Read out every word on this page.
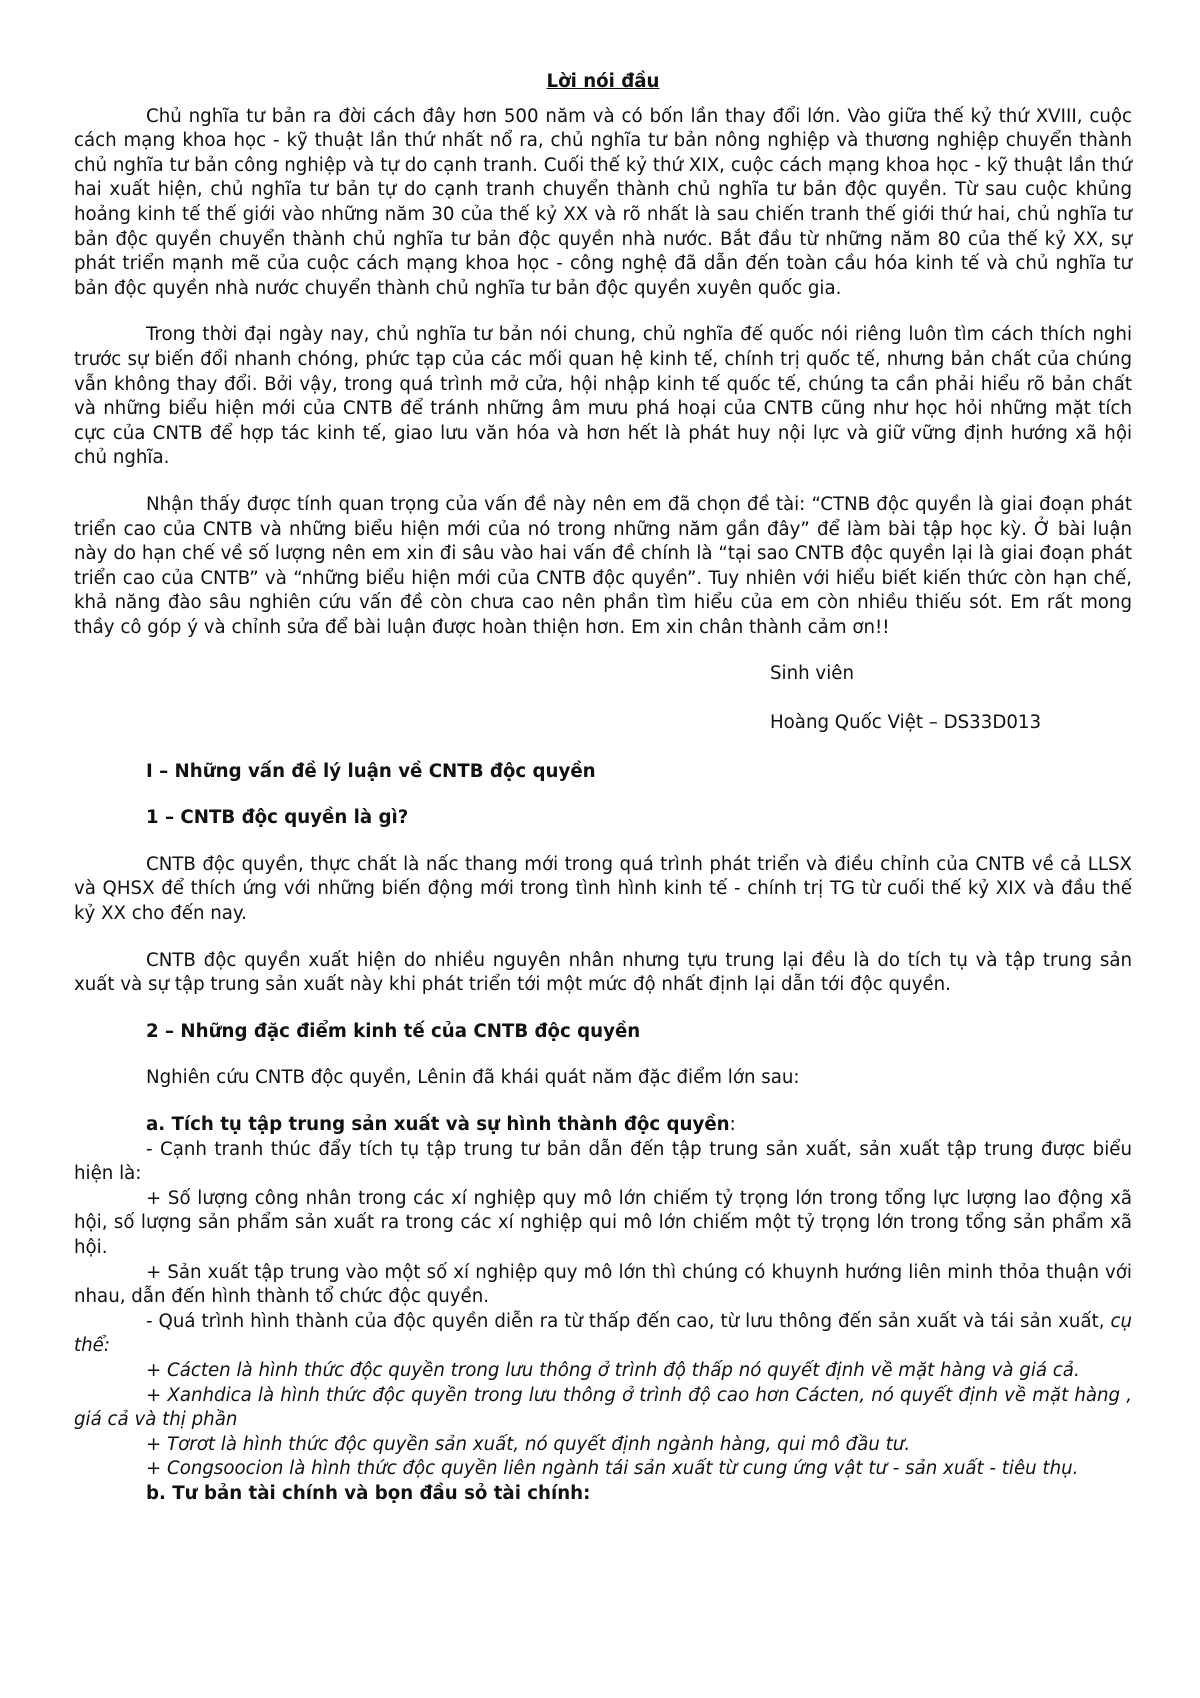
Lời nói đầu

Chủ nghĩa tư bản ra đời cách đây hơn 500 năm và có bốn lần thay đổi lớn. Vào giữa thế kỷ thứ XVIII, cuộc cách mạng khoa học - kỹ thuật lần thứ nhất nổ ra, chủ nghĩa tư bản nông nghiệp và thương nghiệp chuyển thành chủ nghĩa tư bản công nghiệp và tự do cạnh tranh. Cuối thế kỷ thứ XIX, cuộc cách mạng khoa học - kỹ thuật lần thứ hai xuất hiện, chủ nghĩa tư bản tự do cạnh tranh chuyển thành chủ nghĩa tư bản độc quyền. Từ sau cuộc khủng hoảng kinh tế thế giới vào những năm 30 của thế kỷ XX và rõ nhất là sau chiến tranh thế giới thứ hai, chủ nghĩa tư bản độc quyền chuyển thành chủ nghĩa tư bản độc quyền nhà nước. Bắt đầu từ những năm 80 của thế kỷ XX, sự phát triển mạnh mẽ của cuộc cách mạng khoa học - công nghệ đã dẫn đến toàn cầu hóa kinh tế và chủ nghĩa tư bản độc quyền nhà nước chuyển thành chủ nghĩa tư bản độc quyền xuyên quốc gia.

Trong thời đại ngày nay, chủ nghĩa tư bản nói chung, chủ nghĩa đế quốc nói riêng luôn tìm cách thích nghi trước sự biến đổi nhanh chóng, phức tạp của các mối quan hệ kinh tế, chính trị quốc tế, nhưng bản chất của chúng vẫn không thay đổi. Bởi vậy, trong quá trình mở cửa, hội nhập kinh tế quốc tế, chúng ta cần phải hiểu rõ bản chất và những biểu hiện mới của CNTB để tránh những âm mưu phá hoại của CNTB cũng như học hỏi những mặt tích cực của CNTB để hợp tác kinh tế, giao lưu văn hóa và hơn hết là phát huy nội lực và giữ vững định hướng xã hội chủ nghĩa.

Nhận thấy được tính quan trọng của vấn đề này nên em đã chọn đề tài: “CTNB độc quyền là giai đoạn phát triển cao của CNTB và những biểu hiện mới của nó trong những năm gần đây” để làm bài tập học kỳ. Ở bài luận này do hạn chế về số lượng nên em xin đi sâu vào hai vấn đề chính là “tại sao CNTB độc quyền lại là giai đoạn phát triển cao của CNTB” và “những biểu hiện mới của CNTB độc quyền”. Tuy nhiên với hiểu biết kiến thức còn hạn chế, khả năng đào sâu nghiên cứu vấn đề còn chưa cao nên phần tìm hiểu của em còn nhiều thiếu sót. Em rất mong thầy cô góp ý và chỉnh sửa để bài luận được hoàn thiện hơn. Em xin chân thành cảm ơn!!

Sinh viên

Hoàng Quốc Việt – DS33D013

I – Những vấn đề lý luận về CNTB độc quyền

1 – CNTB độc quyền là gì?

CNTB độc quyền, thực chất là nấc thang mới trong quá trình phát triển và điều chỉnh của CNTB về cả LLSX và QHSX để thích ứng với những biến động mới trong tình hình kinh tế - chính trị TG từ cuối thế kỷ XIX và đầu thế kỷ XX cho đến nay.

CNTB độc quyền xuất hiện do nhiều nguyên nhân nhưng tựu trung lại đều là do tích tụ và tập trung sản xuất và sự tập trung sản xuất này khi phát triển tới một mức độ nhất định lại dẫn tới độc quyền.

2 – Những đặc điểm kinh tế của CNTB độc quyền

Nghiên cứu CNTB độc quyền, Lênin đã khái quát năm đặc điểm lớn sau:

a. Tích tụ tập trung sản xuất và sự hình thành độc quyền:

- Cạnh tranh thúc đẩy tích tụ tập trung tư bản dẫn đến tập trung sản xuất, sản xuất tập trung được biểu hiện là:

+ Số lượng công nhân trong các xí nghiệp quy mô lớn chiếm tỷ trọng lớn trong tổng lực lượng lao động xã hội, số lượng sản phẩm sản xuất ra trong các xí nghiệp qui mô lớn chiếm một tỷ trọng lớn trong tổng sản phẩm xã hội.

+ Sản xuất tập trung vào một số xí nghiệp quy mô lớn thì chúng có khuynh hướng liên minh thỏa thuận với nhau, dẫn đến hình thành tổ chức độc quyền.

- Quá trình hình thành của độc quyền diễn ra từ thấp đến cao, từ lưu thông đến sản xuất và tái sản xuất, cụ thể:

+ Cácten là hình thức độc quyền trong lưu thông ở trình độ thấp nó quyết định về mặt hàng và giá cả.

+ Xanhdica là hình thức độc quyền trong lưu thông ở trình độ cao hơn Cácten, nó quyết định về mặt hàng , giá cả và thị phần

+ Tơrơt là hình thức độc quyền sản xuất, nó quyết định ngành hàng, qui mô đầu tư.

+ Congsoocion là hình thức độc quyền liên ngành tái sản xuất từ cung ứng vật tư - sản xuất - tiêu thụ.

b. Tư bản tài chính và bọn đầu sỏ tài chính:
